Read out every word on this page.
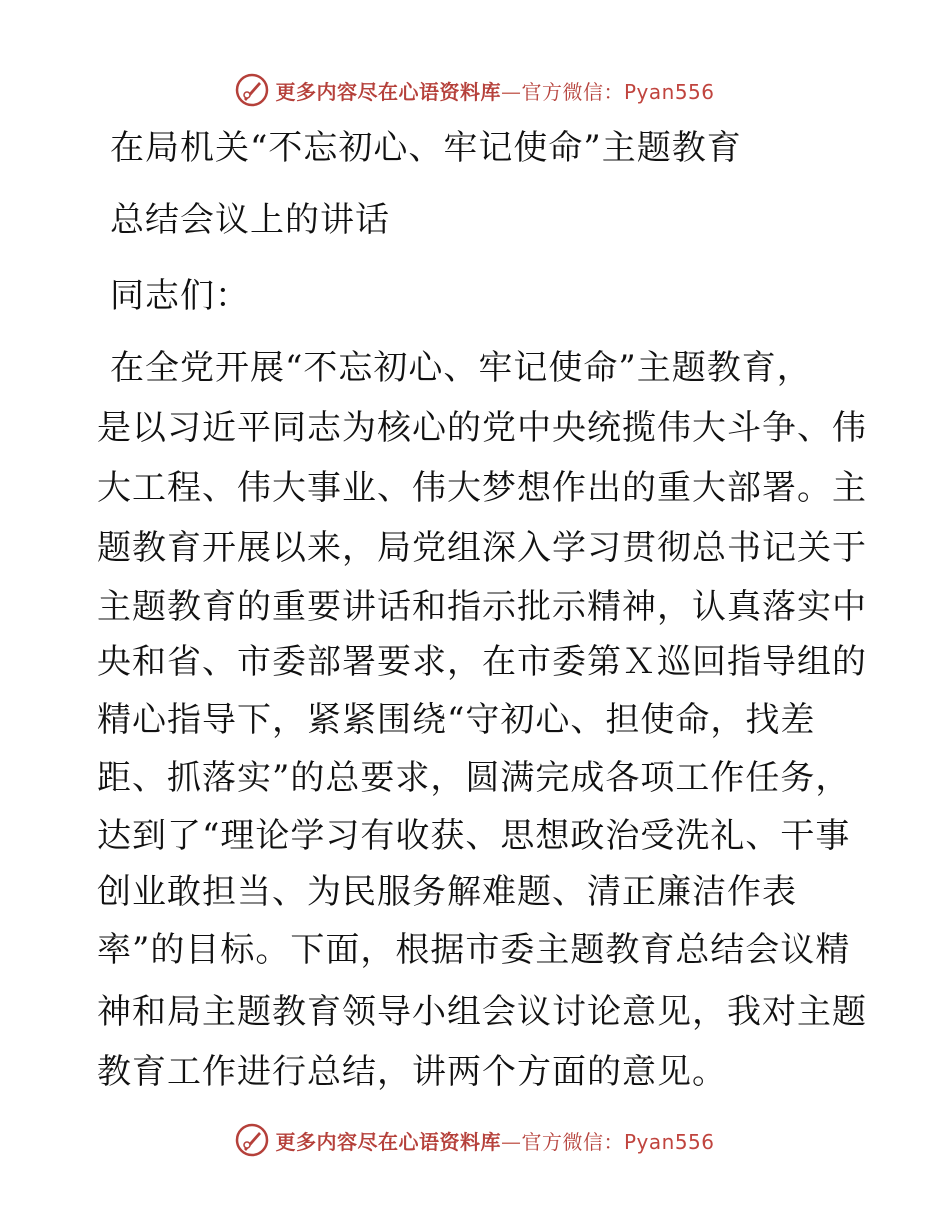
更多内容尽在心语资料库—官方微信：Pyan556
在局机关“不忘初心、牢记使命”主题教育
总结会议上的讲话
同志们：
在全党开展“不忘初心、牢记使命”主题教育，
是以习近平同志为核心的党中央统揽伟大斗争、伟
大工程、伟大事业、伟大梦想作出的重大部署。主
题教育开展以来，局党组深入学习贯彻总书记关于
主题教育的重要讲话和指示批示精神，认真落实中
央和省、市委部署要求，在市委第Ｘ巡回指导组的
精心指导下，紧紧围绕“守初心、担使命，找差
距、抓落实”的总要求，圆满完成各项工作任务，
达到了“理论学习有收获、思想政治受洗礼、干事
创业敢担当、为民服务解难题、清正廉洁作表
率”的目标。下面，根据市委主题教育总结会议精
神和局主题教育领导小组会议讨论意见，我对主题
教育工作进行总结，讲两个方面的意见。
更多内容尽在心语资料库—官方微信：Pyan556
